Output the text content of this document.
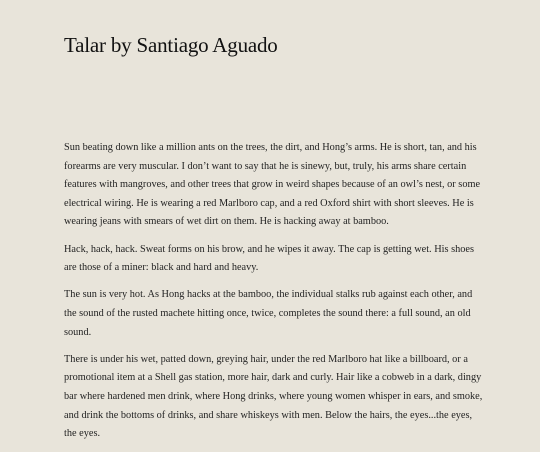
Talar by Santiago Aguado

Sun beating down like a million ants on the trees, the dirt, and Hong’s arms. He is short, tan, and his forearms are very muscular. I don’t want to say that he is sinewy, but, truly, his arms share certain features with mangroves, and other trees that grow in weird shapes because of an owl’s nest, or some electrical wiring. He is wearing a red Marlboro cap, and a red Oxford shirt with short sleeves. He is wearing jeans with smears of wet dirt on them. He is hacking away at bamboo.

Hack, hack, hack. Sweat forms on his brow, and he wipes it away. The cap is getting wet. His shoes are those of a miner: black and hard and heavy.

The sun is very hot. As Hong hacks at the bamboo, the individual stalks rub against each other, and the sound of the rusted machete hitting once, twice, completes the sound there: a full sound, an old sound.

There is under his wet, patted down, greying hair, under the red Marlboro hat like a billboard, or a promotional item at a Shell gas station, more hair, dark and curly. Hair like a cobweb in a dark, dingy bar where hardened men drink, where Hong drinks, where young women whisper in ears, and smoke, and drink the bottoms of drinks, and share whiskeys with men. Below the hairs, the eyes...the eyes, the eyes.
